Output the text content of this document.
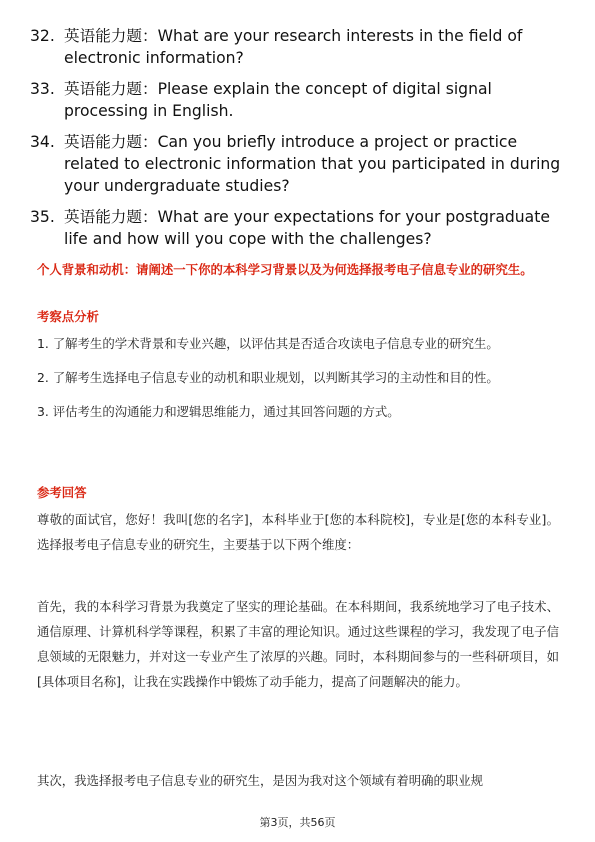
32. 英语能力题：What are your research interests in the field of electronic information?
33. 英语能力题：Please explain the concept of digital signal processing in English.
34. 英语能力题：Can you briefly introduce a project or practice related to electronic information that you participated in during your undergraduate studies?
35. 英语能力题：What are your expectations for your postgraduate life and how will you cope with the challenges?

个人背景和动机：请阐述一下你的本科学习背景以及为何选择报考电子信息专业的研究生。

考察点分析

1. 了解考生的学术背景和专业兴趣，以评估其是否适合攻读电子信息专业的研究生。
2. 了解考生选择电子信息专业的动机和职业规划，以判断其学习的主动性和目的性。
3. 评估考生的沟通能力和逻辑思维能力，通过其回答问题的方式。

参考回答

尊敬的面试官，您好！我叫[您的名字]，本科毕业于[您的本科院校]，专业是[您的本科专业]。选择报考电子信息专业的研究生，主要基于以下两个维度：

首先，我的本科学习背景为我奠定了坚实的理论基础。在本科期间，我系统地学习了电子技术、通信原理、计算机科学等课程，积累了丰富的理论知识。通过这些课程的学习，我发现了电子信息领域的无限魅力，并对这一专业产生了浓厚的兴趣。同时，本科期间参与的一些科研项目，如[具体项目名称]，让我在实践操作中锻炼了动手能力，提高了问题解决的能力。

其次，我选择报考电子信息专业的研究生，是因为我对这个领域有着明确的职业规

第3页，共56页
